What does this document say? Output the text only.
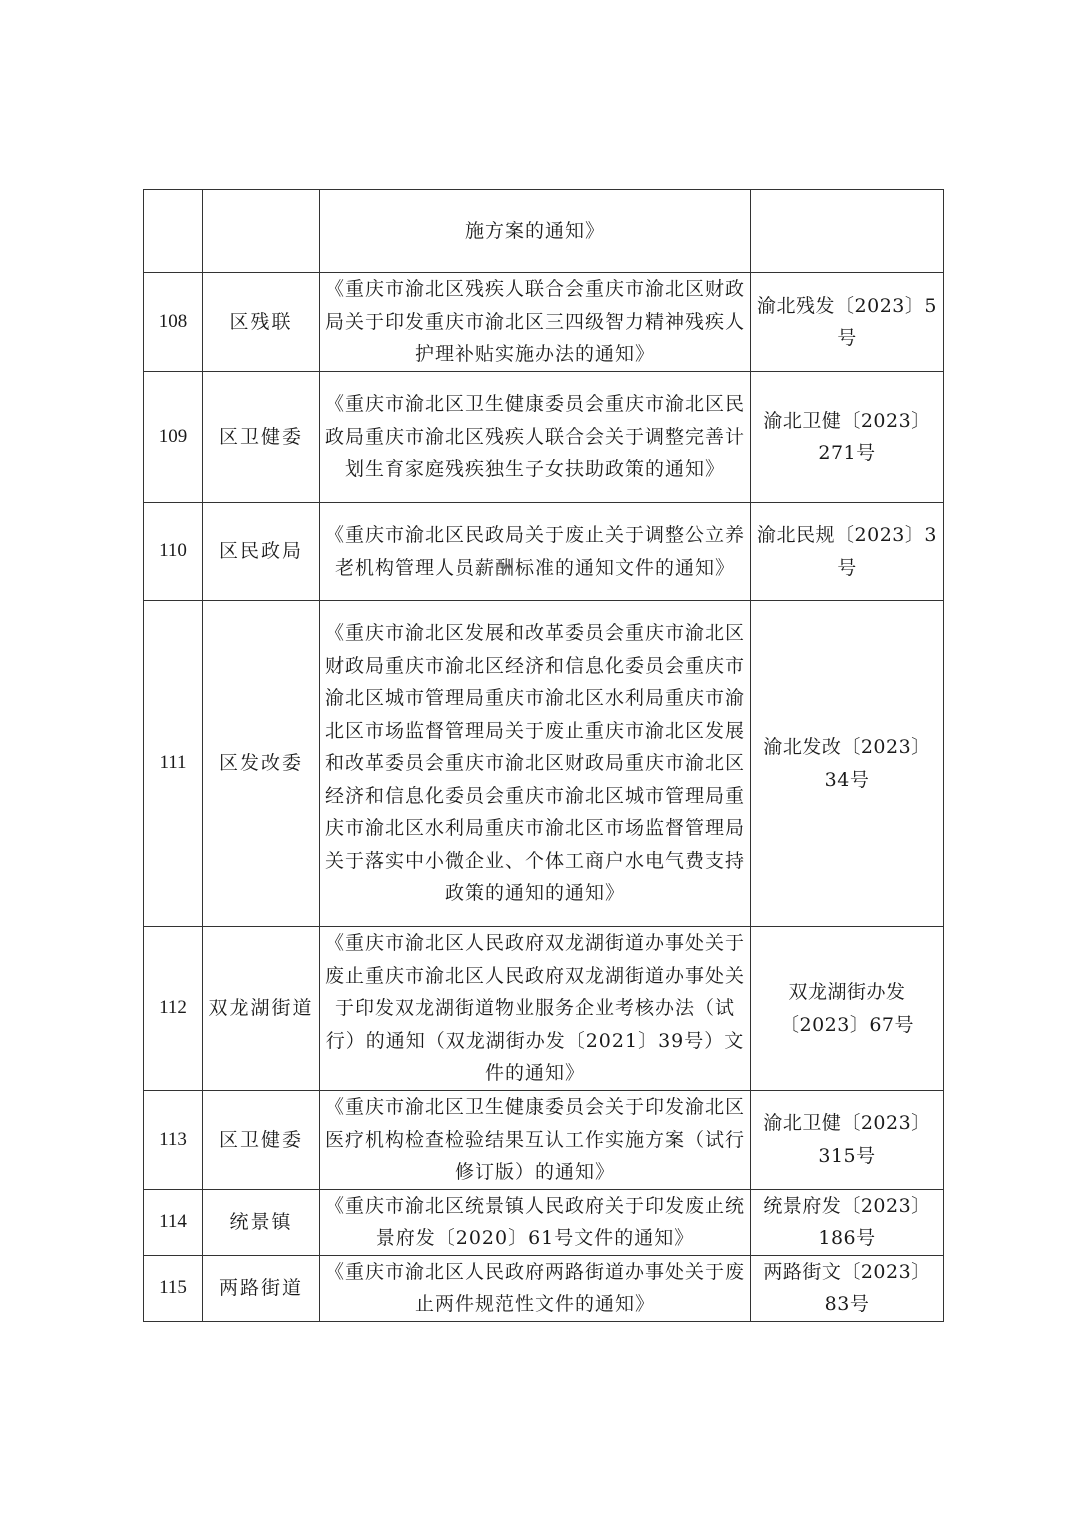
		施方案的通知》	
108	区残联	《重庆市渝北区残疾人联合会重庆市渝北区财政局关于印发重庆市渝北区三四级智力精神残疾人护理补贴实施办法的通知》	渝北残发〔2023〕5号
109	区卫健委	《重庆市渝北区卫生健康委员会重庆市渝北区民政局重庆市渝北区残疾人联合会关于调整完善计划生育家庭残疾独生子女扶助政策的通知》	渝北卫健〔2023〕271号
110	区民政局	《重庆市渝北区民政局关于废止关于调整公立养老机构管理人员薪酬标准的通知文件的通知》	渝北民规〔2023〕3号
111	区发改委	《重庆市渝北区发展和改革委员会重庆市渝北区财政局重庆市渝北区经济和信息化委员会重庆市渝北区城市管理局重庆市渝北区水利局重庆市渝北区市场监督管理局关于废止重庆市渝北区发展和改革委员会重庆市渝北区财政局重庆市渝北区经济和信息化委员会重庆市渝北区城市管理局重庆市渝北区水利局重庆市渝北区市场监督管理局关于落实中小微企业、个体工商户水电气费支持政策的通知的通知》	渝北发改〔2023〕34号
112	双龙湖街道	《重庆市渝北区人民政府双龙湖街道办事处关于废止重庆市渝北区人民政府双龙湖街道办事处关于印发双龙湖街道物业服务企业考核办法（试行）的通知（双龙湖街办发〔2021〕39号）文件的通知》	双龙湖街办发〔2023〕67号
113	区卫健委	《重庆市渝北区卫生健康委员会关于印发渝北区医疗机构检查检验结果互认工作实施方案（试行修订版）的通知》	渝北卫健〔2023〕315号
114	统景镇	《重庆市渝北区统景镇人民政府关于印发废止统景府发〔2020〕61号文件的通知》	统景府发〔2023〕186号
115	两路街道	《重庆市渝北区人民政府两路街道办事处关于废止两件规范性文件的通知》	两路街文〔2023〕83号
